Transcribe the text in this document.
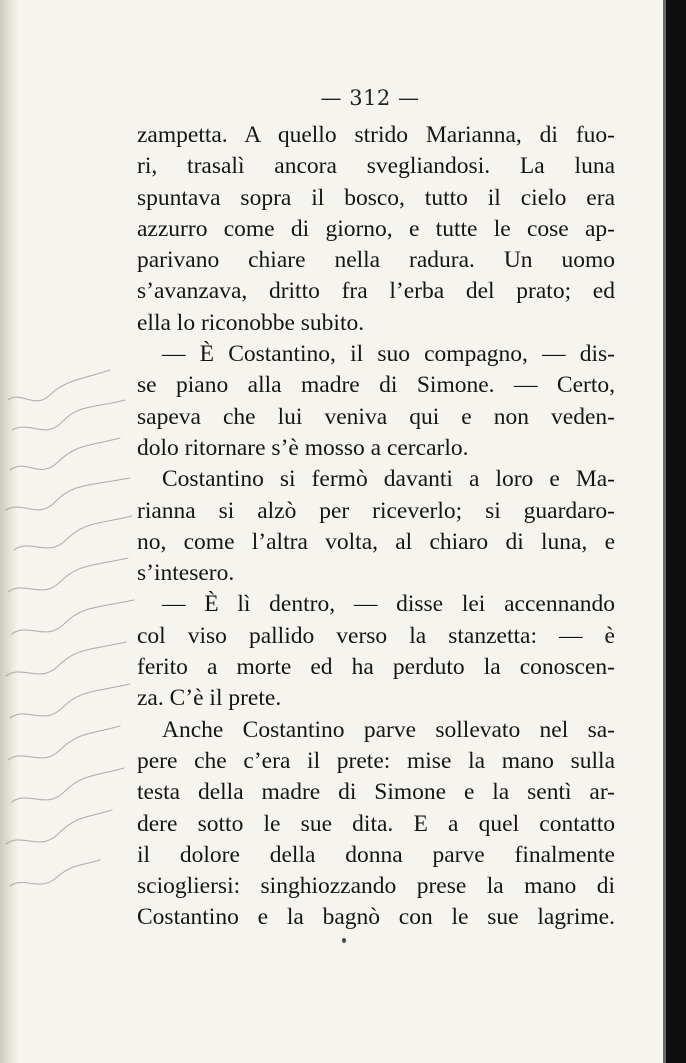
— 312 —
zampetta. A quello strido Marianna, di fuo-
ri, trasalì ancora svegliandosi. La luna
spuntava sopra il bosco, tutto il cielo era
azzurro come di giorno, e tutte le cose ap-
parivano chiare nella radura. Un uomo
s’avanzava, dritto fra l’erba del prato; ed
ella lo riconobbe subito.
— È Costantino, il suo compagno, — dis-
se piano alla madre di Simone. — Certo,
sapeva che lui veniva qui e non veden-
dolo ritornare s’è mosso a cercarlo.
Costantino si fermò davanti a loro e Ma-
rianna si alzò per riceverlo; si guardaro-
no, come l’altra volta, al chiaro di luna, e
s’intesero.
— È lì dentro, — disse lei accennando
col viso pallido verso la stanzetta: — è
ferito a morte ed ha perduto la conoscen-
za. C’è il prete.
Anche Costantino parve sollevato nel sa-
pere che c’era il prete: mise la mano sulla
testa della madre di Simone e la sentì ar-
dere sotto le sue dita. E a quel contatto
il dolore della donna parve finalmente
sciogliersi: singhiozzando prese la mano di
Costantino e la bagnò con le sue lagrime.
